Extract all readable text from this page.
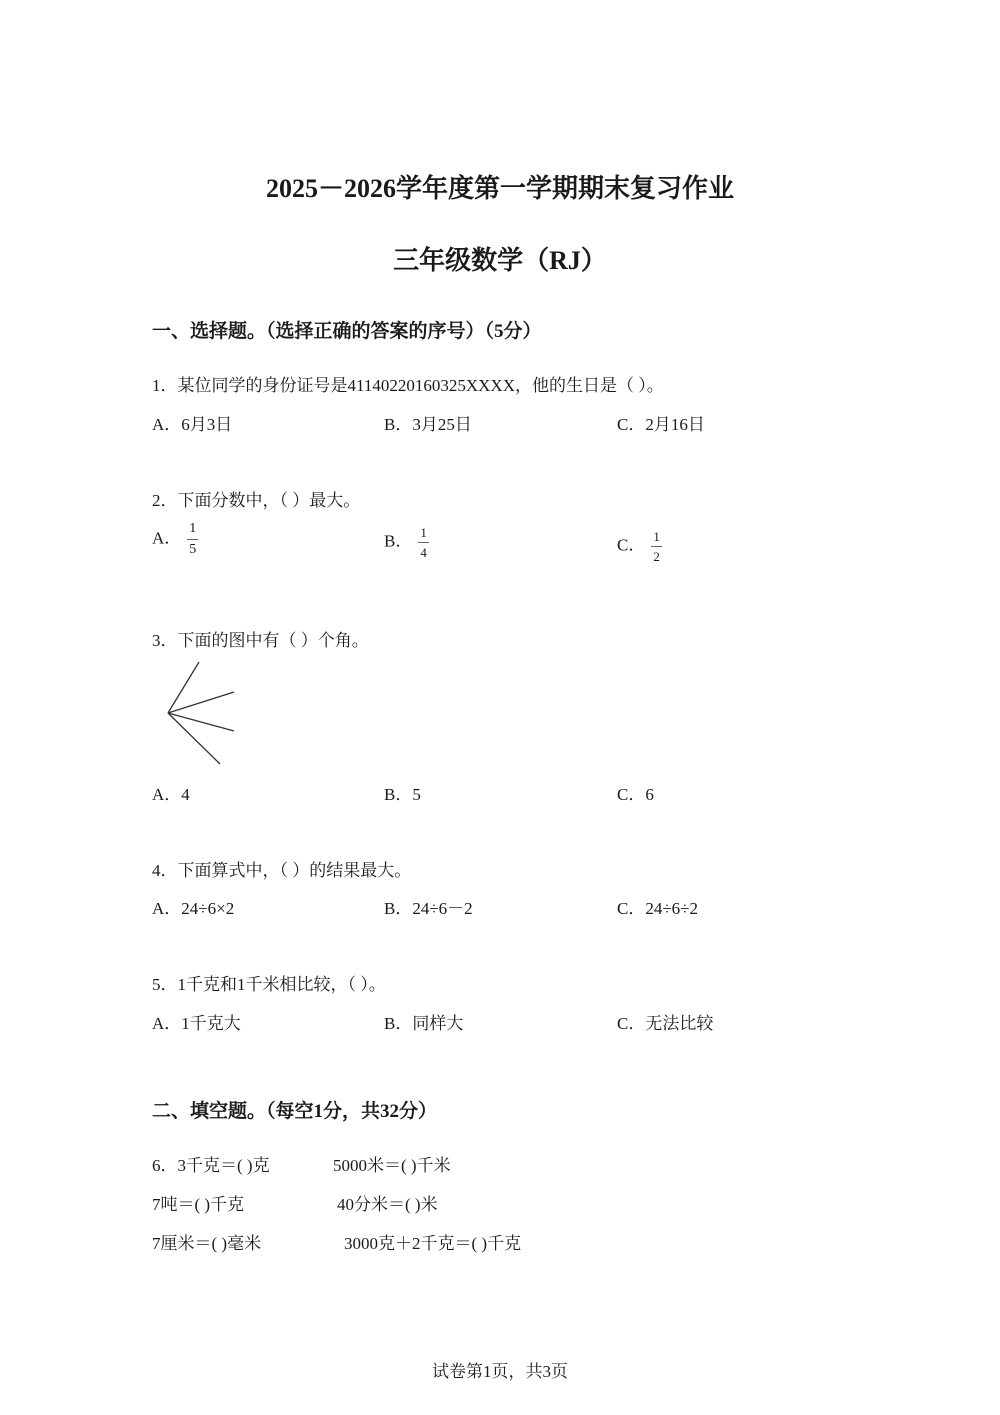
2025－2026学年度第一学期期末复习作业
三年级数学（RJ）
一、选择题。（选择正确的答案的序号）（5分）
1．某位同学的身份证号是41140220160325XXXX，他的生日是（ ）。
A．6月3日	B．3月25日	C．2月16日
2．下面分数中，（ ）最大。
A． $\frac{1}{5}$	B． $\frac{1}{4}$	C． $\frac{1}{2}$
3．下面的图中有（ ）个角。
A．4	B．5	C．6
4．下面算式中，（ ）的结果最大。
A．24÷6×2	B．24÷6－2	C．24÷6÷2
5．1千克和1千米相比较，（ ）。
A．1千克大	B．同样大	C．无法比较
二、填空题。（每空1分，共32分）
6．3千克＝( )克	5000米＝( )千米
7吨＝( )千克	40分米＝( )米
7厘米＝( )毫米	3000克＋2千克＝( )千克
试卷第1页，共3页
